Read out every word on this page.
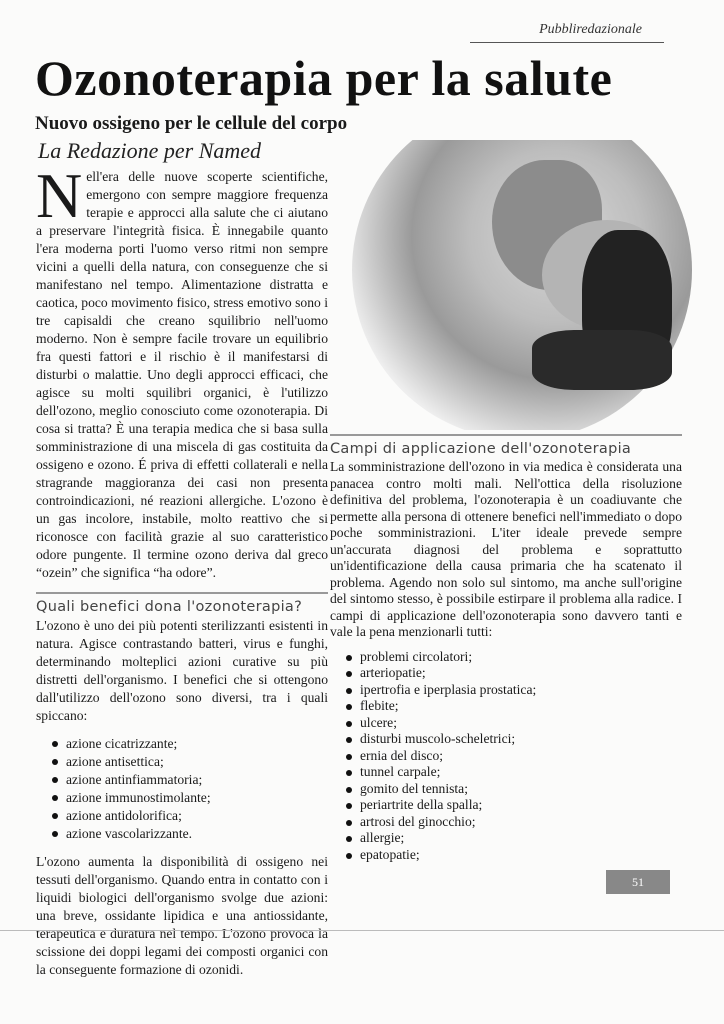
Pubbliredazionale
Ozonoterapia per la salute
Nuovo ossigeno per le cellule del corpo
La Redazione per Named

Nell'era delle nuove scoperte scientifiche, emergono con sempre maggiore frequenza terapie e approcci alla salute che ci aiutano a preservare l'integrità fisica. È innegabile quanto l'era moderna porti l'uomo verso ritmi non sempre vicini a quelli della natura, con conseguenze che si manifestano nel tempo. Alimentazione distratta e caotica, poco movimento fisico, stress emotivo sono i tre capisaldi che creano squilibrio nell'uomo moderno. Non è sempre facile trovare un equilibrio fra questi fattori e il rischio è il manifestarsi di disturbi o malattie. Uno degli approcci efficaci, che agisce su molti squilibri organici, è l'utilizzo dell'ozono, meglio conosciuto come ozonoterapia. Di cosa si tratta? È una terapia medica che si basa sulla somministrazione di una miscela di gas costituita da ossigeno e ozono. É priva di effetti collaterali e nella stragrande maggioranza dei casi non presenta controindicazioni, né reazioni allergiche. L'ozono è un gas incolore, instabile, molto reattivo che si riconosce con facilità grazie al suo caratteristico odore pungente. Il termine ozono deriva dal greco “ozein” che significa “ha odore”.

Quali benefici dona l'ozonoterapia?

L'ozono è uno dei più potenti sterilizzanti esistenti in natura. Agisce contrastando batteri, virus e funghi, determinando molteplici azioni curative su più distretti dell'organismo. I benefici che si ottengono dall'utilizzo dell'ozono sono diversi, tra i quali spiccano:

azione cicatrizzante;
azione antisettica;
azione antinfiammatoria;
azione immunostimolante;
azione antidolorifica;
azione vascolarizzante.

L'ozono aumenta la disponibilità di ossigeno nei tessuti dell'organismo. Quando entra in contatto con i liquidi biologici dell'organismo svolge due azioni: una breve, ossidante lipidica e una antiossidante, terapeutica e duratura nel tempo. L'ozono provoca la scissione dei doppi legami dei composti organici con la conseguente formazione di ozonidi.

Campi di applicazione dell'ozonoterapia

La somministrazione dell'ozono in via medica è considerata una panacea contro molti mali. Nell'ottica della risoluzione definitiva del problema, l'ozonoterapia è un coadiuvante che permette alla persona di ottenere benefici nell'immediato o dopo poche somministrazioni. L'iter ideale prevede sempre un'accurata diagnosi del problema e soprattutto un'identificazione della causa primaria che ha scatenato il problema. Agendo non solo sul sintomo, ma anche sull'origine del sintomo stesso, è possibile estirpare il problema alla radice. I campi di applicazione dell'ozonoterapia sono davvero tanti e vale la pena menzionarli tutti:

problemi circolatori;
arteriopatie;
ipertrofia e iperplasia prostatica;
flebite;
ulcere;
disturbi muscolo-scheletrici;
ernia del disco;
tunnel carpale;
gomito del tennista;
periartrite della spalla;
artrosi del ginocchio;
allergie;
epatopatie;
51
